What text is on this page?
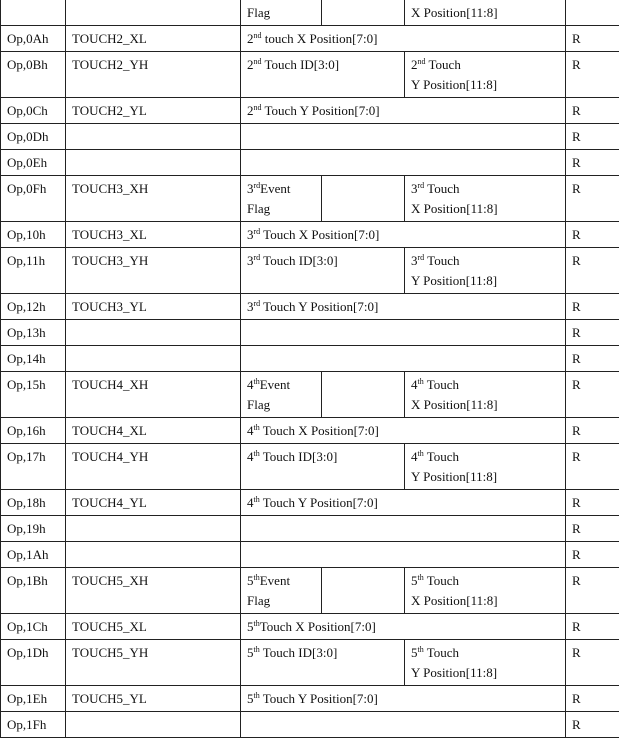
		Flag		X Position[11:8]	
Op,0Ah	TOUCH2_XL	2nd touch X Position[7:0]			R
Op,0Bh	TOUCH2_YH	2nd Touch ID[3:0]		2nd Touch
Y Position[11:8]	R
Op,0Ch	TOUCH2_YL	2nd Touch Y Position[7:0]			R
Op,0Dh					R
Op,0Eh					R
Op,0Fh	TOUCH3_XH	3rdEvent
Flag		3rd Touch
X Position[11:8]	R
Op,10h	TOUCH3_XL	3rd Touch X Position[7:0]			R
Op,11h	TOUCH3_YH	3rd Touch ID[3:0]		3rd Touch
Y Position[11:8]	R
Op,12h	TOUCH3_YL	3rd Touch Y Position[7:0]			R
Op,13h					R
Op,14h					R
Op,15h	TOUCH4_XH	4thEvent
Flag		4th Touch
X Position[11:8]	R
Op,16h	TOUCH4_XL	4th Touch X Position[7:0]			R
Op,17h	TOUCH4_YH	4th Touch ID[3:0]		4th Touch
Y Position[11:8]	R
Op,18h	TOUCH4_YL	4th Touch Y Position[7:0]			R
Op,19h					R
Op,1Ah					R
Op,1Bh	TOUCH5_XH	5thEvent
Flag		5th Touch
X Position[11:8]	R
Op,1Ch	TOUCH5_XL	5thTouch X Position[7:0]			R
Op,1Dh	TOUCH5_YH	5th Touch ID[3:0]		5th Touch
Y Position[11:8]	R
Op,1Eh	TOUCH5_YL	5th Touch Y Position[7:0]			R
Op,1Fh					R
